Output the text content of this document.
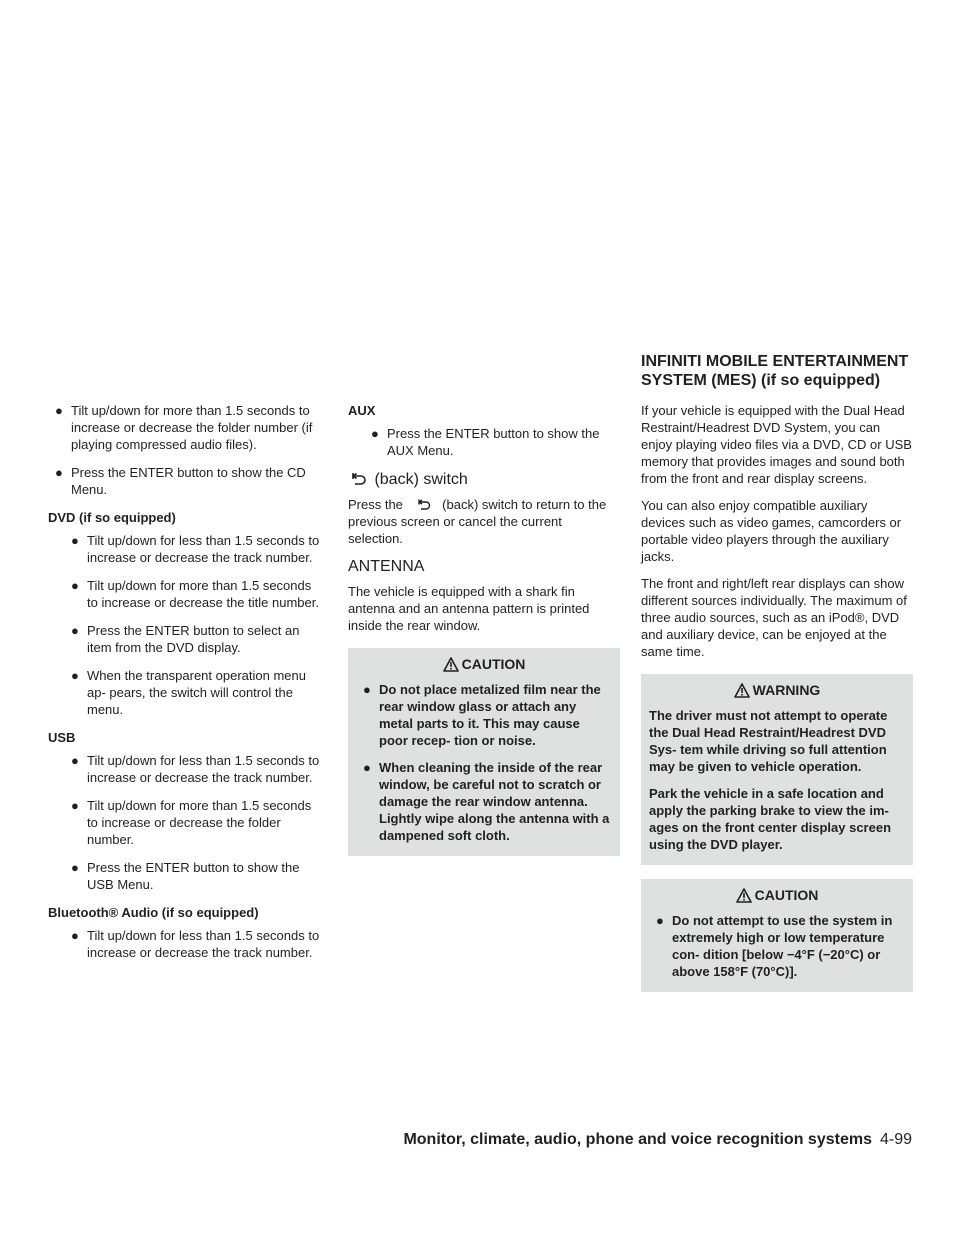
INFINITI MOBILE ENTERTAINMENT
SYSTEM (MES) (if so equipped)
● Tilt up/down for more than 1.5 seconds to increase or decrease the folder number (if playing compressed audio files).
● Press the ENTER button to show the CD Menu.
DVD (if so equipped)
● Tilt up/down for less than 1.5 seconds to increase or decrease the track number.
● Tilt up/down for more than 1.5 seconds to increase or decrease the title number.
● Press the ENTER button to select an item from the DVD display.
● When the transparent operation menu ap- pears, the switch will control the menu.
USB
● Tilt up/down for less than 1.5 seconds to increase or decrease the track number.
● Tilt up/down for more than 1.5 seconds to increase or decrease the folder number.
● Press the ENTER button to show the USB Menu.
Bluetooth® Audio (if so equipped)
● Tilt up/down for less than 1.5 seconds to increase or decrease the track number.
AUX
● Press the ENTER button to show the AUX Menu.
(back) switch
Press the	(back) switch to return to the previous screen or cancel the current selection.
ANTENNA
The vehicle is equipped with a shark fin antenna and an antenna pattern is printed inside the rear window.
CAUTION
● Do not place metalized film near the rear window glass or attach any metal parts to it. This may cause poor recep- tion or noise.
● When cleaning the inside of the rear window, be careful not to scratch or damage the rear window antenna. Lightly wipe along the antenna with a dampened soft cloth.
If your vehicle is equipped with the Dual Head Restraint/Headrest DVD System, you can enjoy playing video files via a DVD, CD or USB memory that provides images and sound both from the front and rear display screens.
You can also enjoy compatible auxiliary devices such as video games, camcorders or portable video players through the auxiliary jacks.
The front and right/left rear displays can show different sources individually. The maximum of three audio sources, such as an iPod®, DVD and auxiliary device, can be enjoyed at the same time.
WARNING

The driver must not attempt to operate the Dual Head Restraint/Headrest DVD Sys- tem while driving so full attention may be given to vehicle operation.

Park the vehicle in a safe location and apply the parking brake to view the im- ages on the front center display screen using the DVD player.

CAUTION
● Do not attempt to use the system in extremely high or low temperature con- dition [below −4°F (−20°C) or above 158°F (70°C)].
Monitor, climate, audio, phone and voice recognition systems 4-99
